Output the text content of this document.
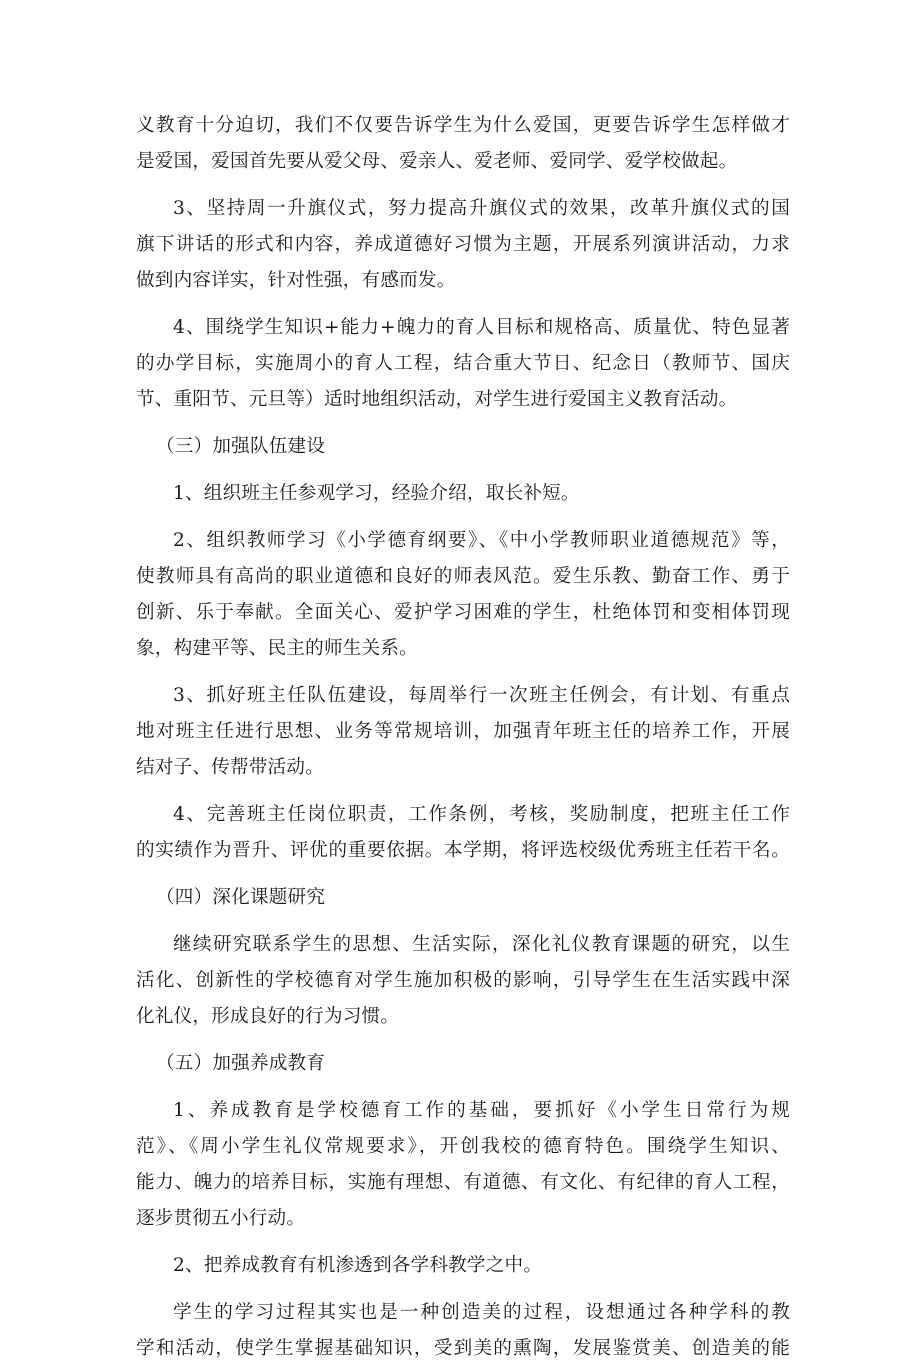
义教育十分迫切，我们不仅要告诉学生为什么爱国，更要告诉学生怎样做才
是爱国，爱国首先要从爱父母、爱亲人、爱老师、爱同学、爱学校做起。
3、坚持周一升旗仪式，努力提高升旗仪式的效果，改革升旗仪式的国
旗下讲话的形式和内容，养成道德好习惯为主题，开展系列演讲活动，力求
做到内容详实，针对性强，有感而发。
4、围绕学生知识+能力+魄力的育人目标和规格高、质量优、特色显著
的办学目标，实施周小的育人工程，结合重大节日、纪念日（教师节、国庆
节、重阳节、元旦等）适时地组织活动，对学生进行爱国主义教育活动。
（三）加强队伍建设
1、组织班主任参观学习，经验介绍，取长补短。
2、组织教师学习《小学德育纲要》、《中小学教师职业道德规范》等，
使教师具有高尚的职业道德和良好的师表风范。爱生乐教、勤奋工作、勇于
创新、乐于奉献。全面关心、爱护学习困难的学生，杜绝体罚和变相体罚现
象，构建平等、民主的师生关系。
3、抓好班主任队伍建设，每周举行一次班主任例会，有计划、有重点
地对班主任进行思想、业务等常规培训，加强青年班主任的培养工作，开展
结对子、传帮带活动。
4、完善班主任岗位职责，工作条例，考核，奖励制度，把班主任工作
的实绩作为晋升、评优的重要依据。本学期，将评选校级优秀班主任若干名。
（四）深化课题研究
继续研究联系学生的思想、生活实际，深化礼仪教育课题的研究，以生
活化、创新性的学校德育对学生施加积极的影响，引导学生在生活实践中深
化礼仪，形成良好的行为习惯。
（五）加强养成教育
1、养成教育是学校德育工作的基础，要抓好《小学生日常行为规
范》、《周小学生礼仪常规要求》，开创我校的德育特色。围绕学生知识、
能力、魄力的培养目标，实施有理想、有道德、有文化、有纪律的育人工程，
逐步贯彻五小行动。
2、把养成教育有机渗透到各学科教学之中。
学生的学习过程其实也是一种创造美的过程，设想通过各种学科的教
学和活动，使学生掌握基础知识，受到美的熏陶，发展鉴赏美、创造美的能
